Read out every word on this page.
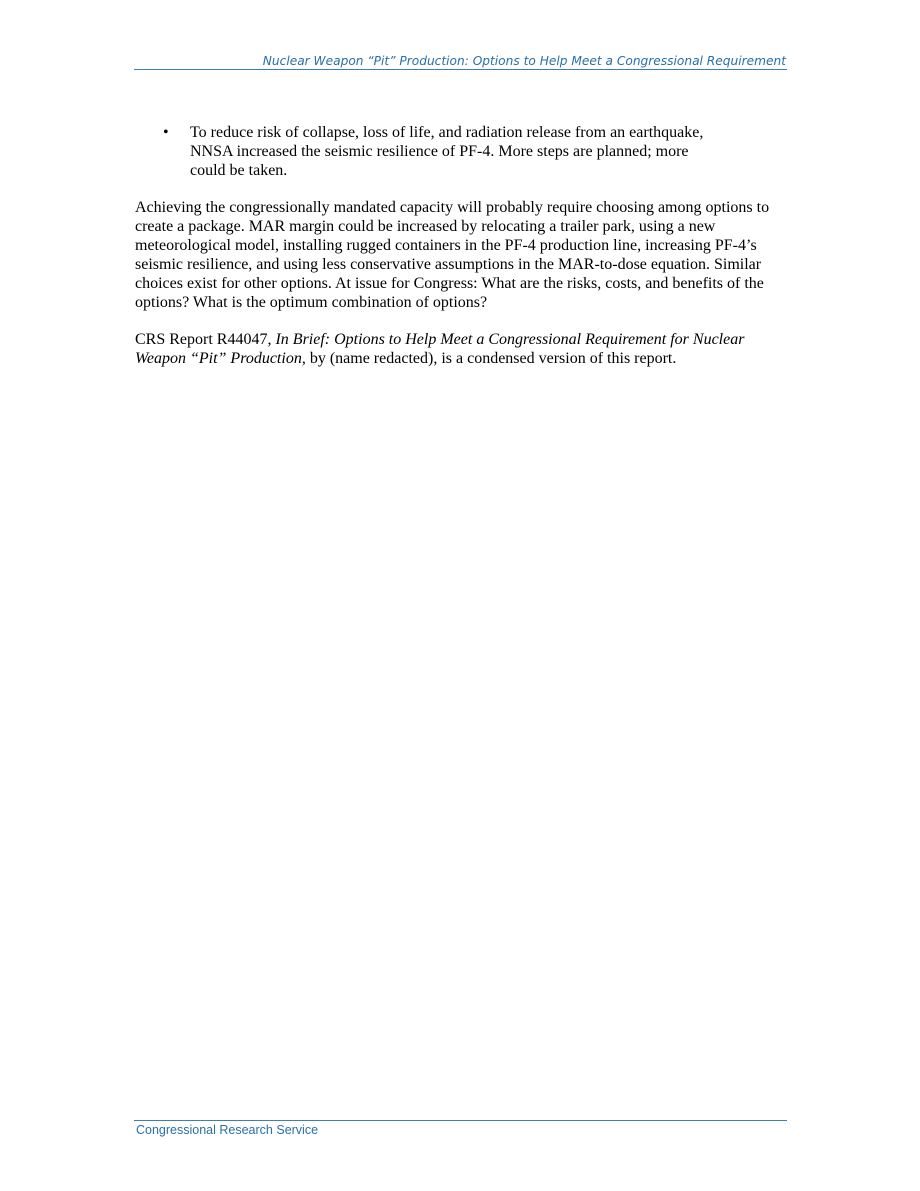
Nuclear Weapon “Pit” Production: Options to Help Meet a Congressional Requirement
• To reduce risk of collapse, loss of life, and radiation release from an earthquake, NNSA increased the seismic resilience of PF-4. More steps are planned; more could be taken.

Achieving the congressionally mandated capacity will probably require choosing among options to create a package. MAR margin could be increased by relocating a trailer park, using a new meteorological model, installing rugged containers in the PF-4 production line, increasing PF-4’s seismic resilience, and using less conservative assumptions in the MAR-to-dose equation. Similar choices exist for other options. At issue for Congress: What are the risks, costs, and benefits of the options? What is the optimum combination of options?

CRS Report R44047, In Brief: Options to Help Meet a Congressional Requirement for Nuclear Weapon “Pit” Production, by (name redacted), is a condensed version of this report.

Congressional Research Service
